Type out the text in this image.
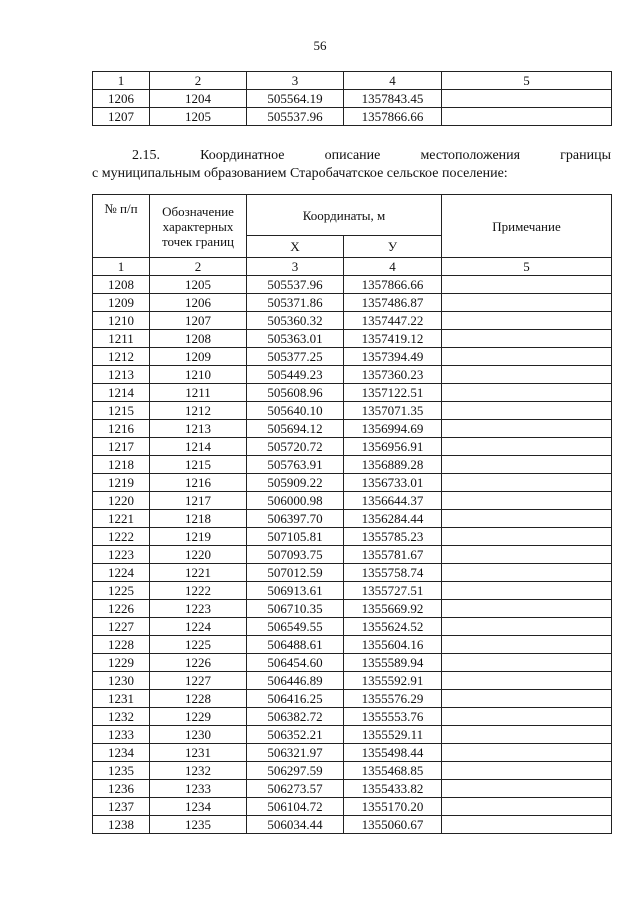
56
1	2	3	4	5
1206	1204	505564.19	1357843.45	
1207	1205	505537.96	1357866.66	
2.15.	Координатное	описание	местоположения	границы
с муниципальным образованием Старобачатское сельское поселение:
№ п/п	Обозначение характерных точек границ	Координаты, м		Примечание
		X	У	
1	2	3	4	5
1208	1205	505537.96	1357866.66	
1209	1206	505371.86	1357486.87	
1210	1207	505360.32	1357447.22	
1211	1208	505363.01	1357419.12	
1212	1209	505377.25	1357394.49	
1213	1210	505449.23	1357360.23	
1214	1211	505608.96	1357122.51	
1215	1212	505640.10	1357071.35	
1216	1213	505694.12	1356994.69	
1217	1214	505720.72	1356956.91	
1218	1215	505763.91	1356889.28	
1219	1216	505909.22	1356733.01	
1220	1217	506000.98	1356644.37	
1221	1218	506397.70	1356284.44	
1222	1219	507105.81	1355785.23	
1223	1220	507093.75	1355781.67	
1224	1221	507012.59	1355758.74	
1225	1222	506913.61	1355727.51	
1226	1223	506710.35	1355669.92	
1227	1224	506549.55	1355624.52	
1228	1225	506488.61	1355604.16	
1229	1226	506454.60	1355589.94	
1230	1227	506446.89	1355592.91	
1231	1228	506416.25	1355576.29	
1232	1229	506382.72	1355553.76	
1233	1230	506352.21	1355529.11	
1234	1231	506321.97	1355498.44	
1235	1232	506297.59	1355468.85	
1236	1233	506273.57	1355433.82	
1237	1234	506104.72	1355170.20	
1238	1235	506034.44	1355060.67	
